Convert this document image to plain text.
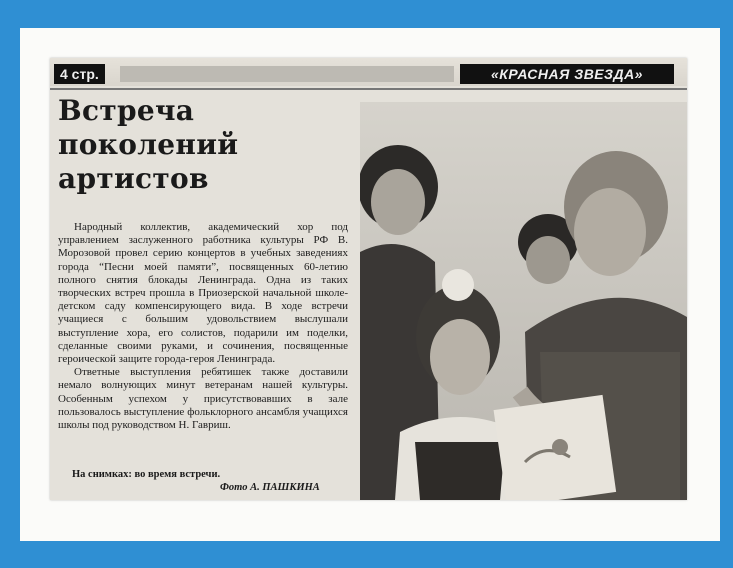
4 стр.	«КРАСНАЯ ЗВЕЗДА»
Встреча
поколений
артистов

Народный коллектив, академический хор под управлением заслуженного работника культуры РФ В. Морозовой провел серию концертов в учебных заведениях города “Песни моей памяти”, посвященных 60-летию полного снятия блокады Ленинграда. Одна из таких творческих встреч прошла в Приозерской начальной школе-детском саду компенсирующего вида. В ходе встречи учащиеся с большим удовольствием выслушали выступление хора, его солистов, подарили им поделки, сделанные своими руками, и сочинения, посвященные героической защите города-героя Ленинграда.

Ответные выступления ребятишек также доставили немало волнующих минут ветеранам нашей культуры. Особенным успехом у присутствовавших в зале пользовалось выступление фольклорного ансамбля учащихся школы под руководством Н. Гавриш.

На снимках: во время встречи.
Фото А. ПАШКИНА
